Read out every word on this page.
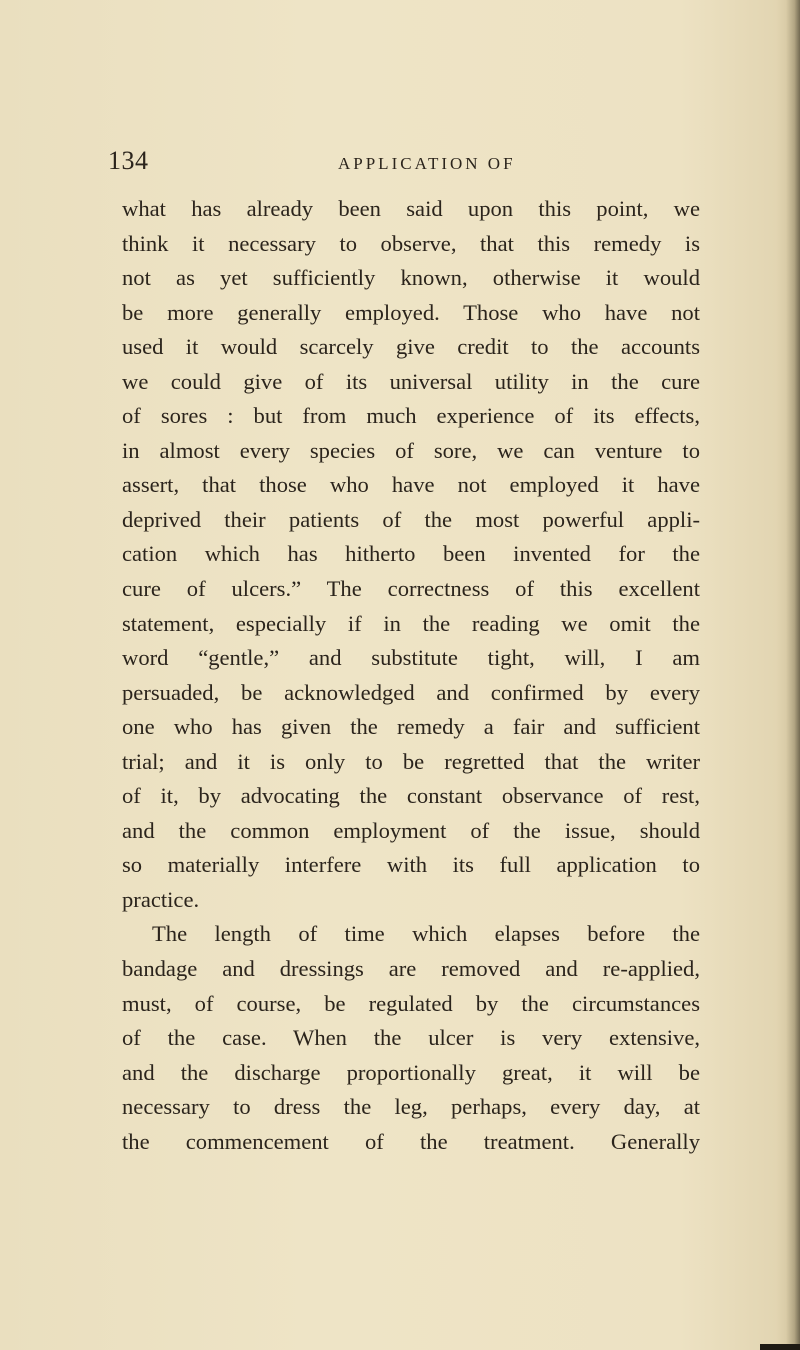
134	APPLICATION OF
what has already been said upon this point, we
think it necessary to observe, that this remedy is
not as yet sufficiently known, otherwise it would
be more generally employed. Those who have not
used it would scarcely give credit to the accounts
we could give of its universal utility in the cure
of sores : but from much experience of its effects,
in almost every species of sore, we can venture to
assert, that those who have not employed it have
deprived their patients of the most powerful appli-
cation which has hitherto been invented for the
cure of ulcers.” The correctness of this excellent
statement, especially if in the reading we omit the
word “gentle,” and substitute tight, will, I am
persuaded, be acknowledged and confirmed by every
one who has given the remedy a fair and sufficient
trial; and it is only to be regretted that the writer
of it, by advocating the constant observance of rest,
and the common employment of the issue, should
so materially interfere with its full application to
practice.
The length of time which elapses before the
bandage and dressings are removed and re-applied,
must, of course, be regulated by the circumstances
of the case. When the ulcer is very extensive,
and the discharge proportionally great, it will be
necessary to dress the leg, perhaps, every day, at
the commencement of the treatment. Generally
